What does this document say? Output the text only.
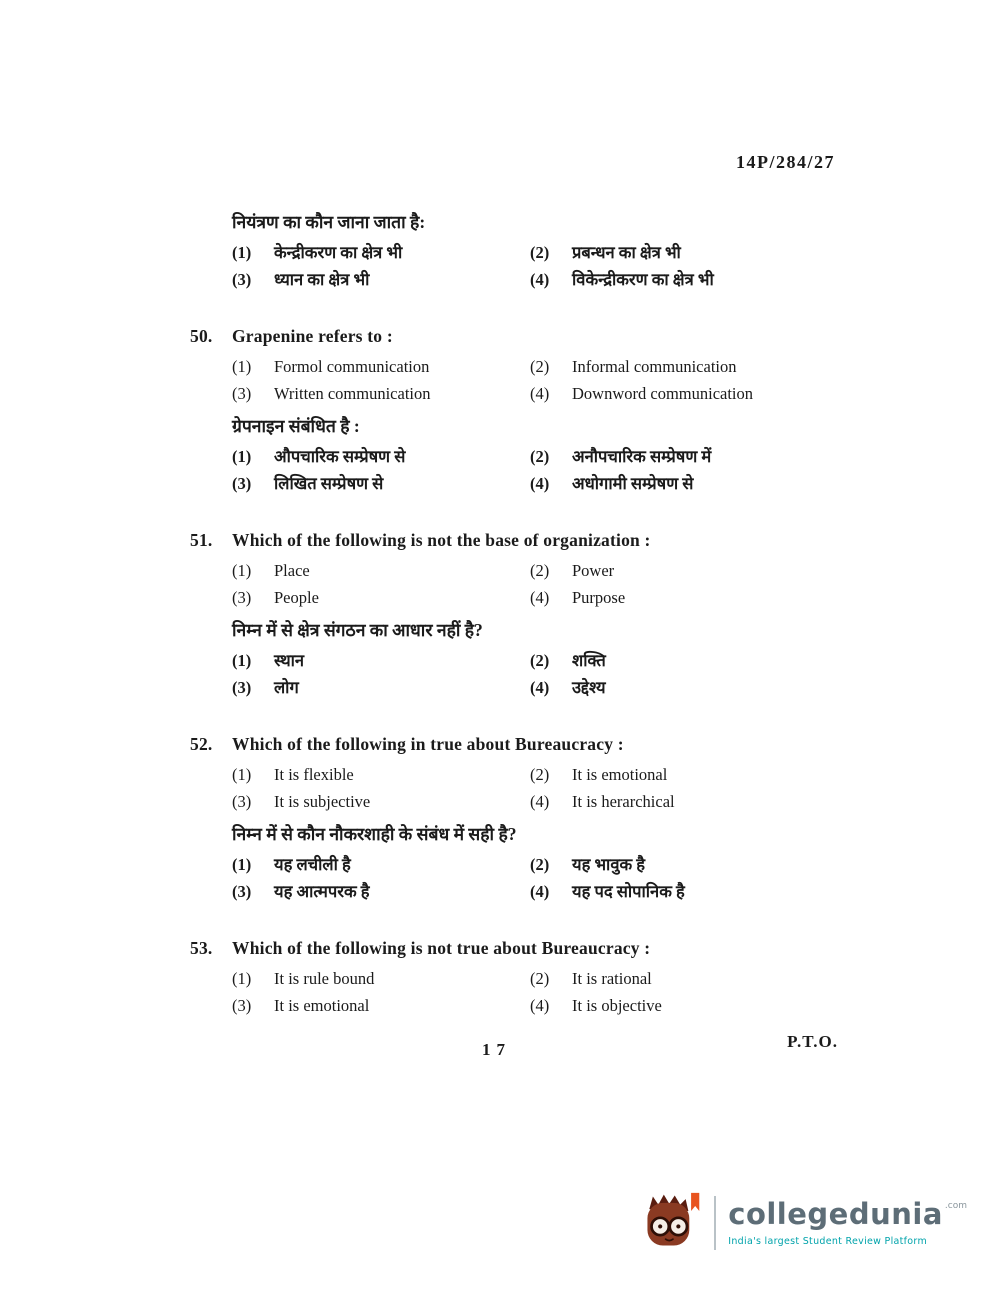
14P/284/27
नियंत्रण का कौन जाना जाता है:
(1)	केन्द्रीकरण का क्षेत्र भी	(2)	प्रबन्धन का क्षेत्र भी
(3)	ध्यान का क्षेत्र भी	(4)	विकेन्द्रीकरण का क्षेत्र भी
50. Grapenine refers to :
(1)	Formol communication	(2)	Informal communication
(3)	Written communication	(4)	Downword communication
ग्रेपनाइन संबंधित है :
(1)	औपचारिक सम्प्रेषण से	(2)	अनौपचारिक सम्प्रेषण में
(3)	लिखित सम्प्रेषण से	(4)	अधोगामी सम्प्रेषण से
51. Which of the following is not the base of organization :
(1)	Place	(2)	Power
(3)	People	(4)	Purpose
निम्न में से क्षेत्र संगठन का आधार नहीं है?
(1)	स्थान	(2)	शक्ति
(3)	लोग	(4)	उद्देश्य
52. Which of the following in true about Bureaucracy :
(1)	It is flexible	(2)	It is emotional
(3)	It is subjective	(4)	It is herarchical
निम्न में से कौन नौकरशाही के संबंध में सही है?
(1)	यह लचीली है	(2)	यह भावुक है
(3)	यह आत्मपरक है	(4)	यह पद सोपानिक है
53. Which of the following is not true about Bureaucracy :
(1)	It is rule bound	(2)	It is rational
(3)	It is emotional	(4)	It is objective
17	P.T.O.
collegedunia .com
India's largest Student Review Platform
